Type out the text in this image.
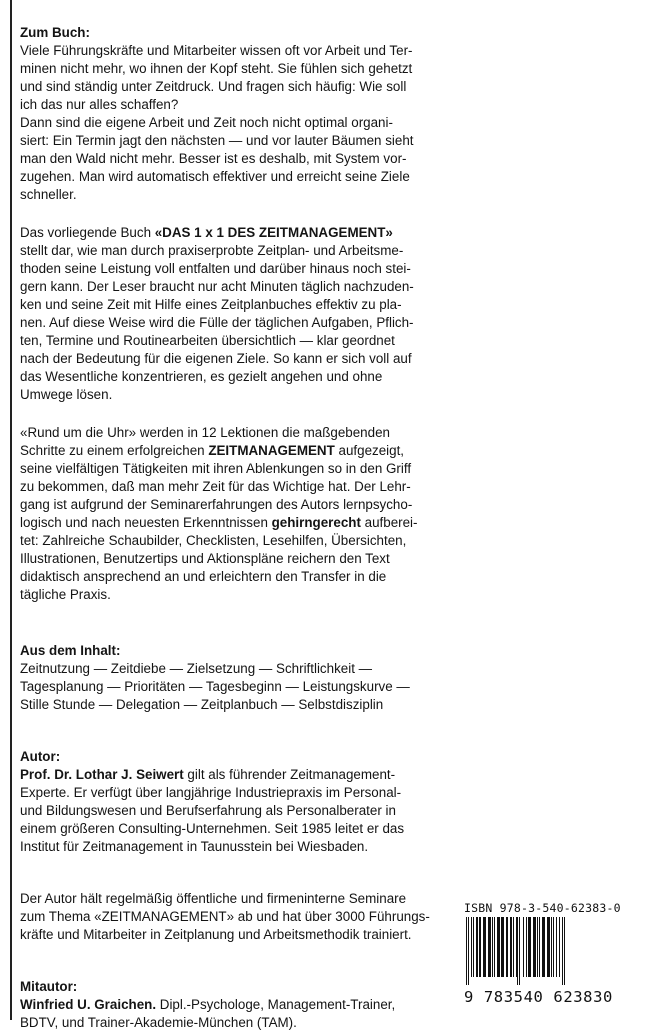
Zum Buch:

Viele Führungskräfte und Mitarbeiter wissen oft vor Arbeit und Ter-
minen nicht mehr, wo ihnen der Kopf steht. Sie fühlen sich gehetzt
und sind ständig unter Zeitdruck. Und fragen sich häufig: Wie soll
ich das nur alles schaffen?
Dann sind die eigene Arbeit und Zeit noch nicht optimal organi-
siert: Ein Termin jagt den nächsten — und vor lauter Bäumen sieht
man den Wald nicht mehr. Besser ist es deshalb, mit System vor-
zugehen. Man wird automatisch effektiver und erreicht seine Ziele
schneller.
Das vorliegende Buch «DAS 1 x 1 DES ZEITMANAGEMENT»
stellt dar, wie man durch praxiserprobte Zeitplan- und Arbeitsme-
thoden seine Leistung voll entfalten und darüber hinaus noch stei-
gern kann. Der Leser braucht nur acht Minuten täglich nachzuden-
ken und seine Zeit mit Hilfe eines Zeitplanbuches effektiv zu pla-
nen. Auf diese Weise wird die Fülle der täglichen Aufgaben, Pflich-
ten, Termine und Routinearbeiten übersichtlich — klar geordnet
nach der Bedeutung für die eigenen Ziele. So kann er sich voll auf
das Wesentliche konzentrieren, es gezielt angehen und ohne
Umwege lösen.
«Rund um die Uhr» werden in 12 Lektionen die maßgebenden
Schritte zu einem erfolgreichen ZEITMANAGEMENT aufgezeigt,
seine vielfältigen Tätigkeiten mit ihren Ablenkungen so in den Griff
zu bekommen, daß man mehr Zeit für das Wichtige hat. Der Lehr-
gang ist aufgrund der Seminarerfahrungen des Autors lernpsycho-
logisch und nach neuesten Erkenntnissen gehirngerecht aufberei-
tet: Zahlreiche Schaubilder, Checklisten, Lesehilfen, Übersichten,
Illustrationen, Benutzertips und Aktionspläne reichern den Text
didaktisch ansprechend an und erleichtern den Transfer in die
tägliche Praxis.

Aus dem Inhalt:

Zeitnutzung — Zeitdiebe — Zielsetzung — Schriftlichkeit —
Tagesplanung — Prioritäten — Tagesbeginn — Leistungskurve —
Stille Stunde — Delegation — Zeitplanbuch — Selbstdisziplin

Autor:

Prof. Dr. Lothar J. Seiwert gilt als führender Zeitmanagement-
Experte. Er verfügt über langjährige Industriepraxis im Personal-
und Bildungswesen und Berufserfahrung als Personalberater in
einem größeren Consulting-Unternehmen. Seit 1985 leitet er das
Institut für Zeitmanagement in Taunusstein bei Wiesbaden.
Der Autor hält regelmäßig öffentliche und firmeninterne Seminare
zum Thema «ZEITMANAGEMENT» ab und hat über 3000 Führungs-
kräfte und Mitarbeiter in Zeitplanung und Arbeitsmethodik trainiert.

Mitautor:

Winfried U. Graichen. Dipl.-Psychologe, Management-Trainer,
BDTV, und Trainer-Akademie-München (TAM).
ISBN 978-3-540-62383-0
9 783540 623830
